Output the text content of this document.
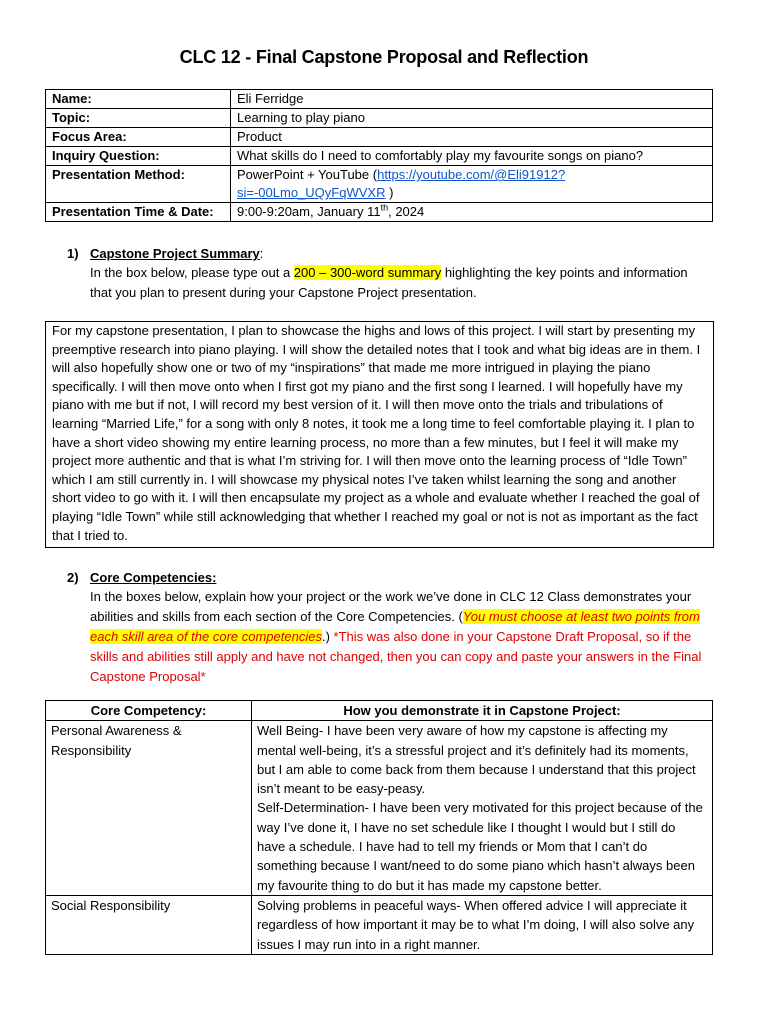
CLC 12 - Final Capstone Proposal and Reflection
Name:	Eli Ferridge
Topic:	Learning to play piano
Focus Area:	Product
Inquiry Question:	What skills do I need to comfortably play my favourite songs on piano?
Presentation Method:	PowerPoint + YouTube (https://youtube.com/@Eli91912?si=-00Lmo_UQyFqWVXR )
Presentation Time & Date:	9:00-9:20am, January 11th, 2024
1) Capstone Project Summary:
In the box below, please type out a 200 – 300-word summary highlighting the key points and information that you plan to present during your Capstone Project presentation.
For my capstone presentation, I plan to showcase the highs and lows of this project. I will start by presenting my preemptive research into piano playing. I will show the detailed notes that I took and what big ideas are in them. I will also hopefully show one or two of my “inspirations” that made me more intrigued in playing the piano specifically. I will then move onto when I first got my piano and the first song I learned. I will hopefully have my piano with me but if not, I will record my best version of it. I will then move onto the trials and tribulations of learning “Married Life,” for a song with only 8 notes, it took me a long time to feel comfortable playing it. I plan to have a short video showing my entire learning process, no more than a few minutes, but I feel it will make my project more authentic and that is what I’m striving for. I will then move onto the learning process of “Idle Town” which I am still currently in. I will showcase my physical notes I’ve taken whilst learning the song and another short video to go with it. I will then encapsulate my project as a whole and evaluate whether I reached the goal of playing “Idle Town” while still acknowledging that whether I reached my goal or not is not as important as the fact that I tried to.
2) Core Competencies:
In the boxes below, explain how your project or the work we’ve done in CLC 12 Class demonstrates your abilities and skills from each section of the Core Competencies. (You must choose at least two points from each skill area of the core competencies.) *This was also done in your Capstone Draft Proposal, so if the skills and abilities still apply and have not changed, then you can copy and paste your answers in the Final Capstone Proposal*
Core Competency:	How you demonstrate it in Capstone Project:
Personal Awareness & Responsibility	Well Being- I have been very aware of how my capstone is affecting my mental well-being, it’s a stressful project and it’s definitely had its moments, but I am able to come back from them because I understand that this project isn’t meant to be easy-peasy.
Self-Determination- I have been very motivated for this project because of the way I’ve done it, I have no set schedule like I thought I would but I still do have a schedule. I have had to tell my friends or Mom that I can’t do something because I want/need to do some piano which hasn’t always been my favourite thing to do but it has made my capstone better.

Social Responsibility	Solving problems in peaceful ways- When offered advice I will appreciate it regardless of how important it may be to what I’m doing, I will also solve any issues I may run into in a right manner.
